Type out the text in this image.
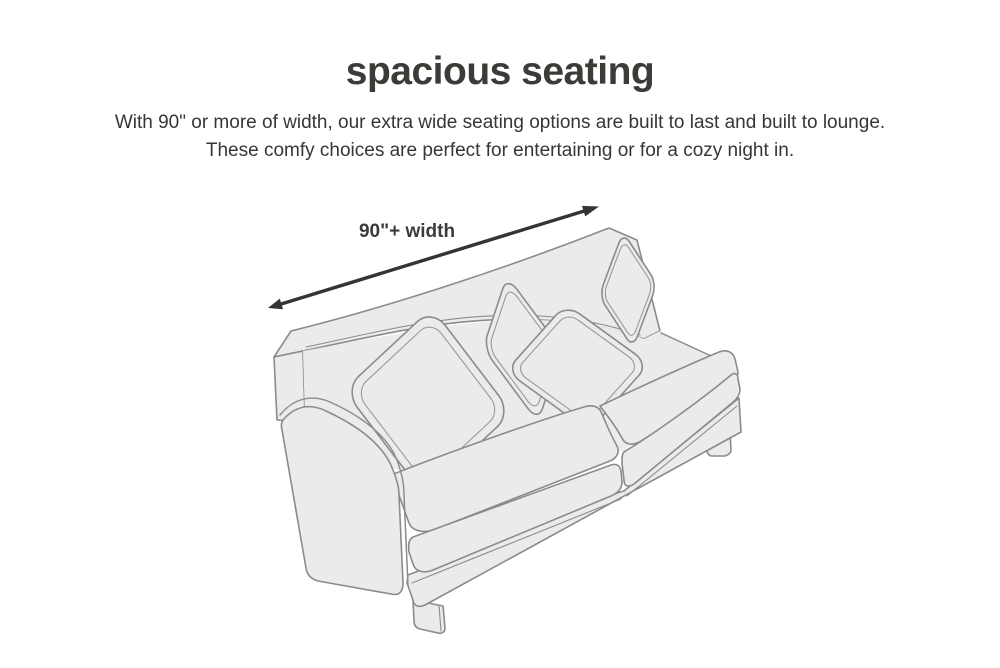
spacious seating
With 90" or more of width, our extra wide seating options are built to last and built to lounge.
These comfy choices are perfect for entertaining or for a cozy night in.
90"+ width
